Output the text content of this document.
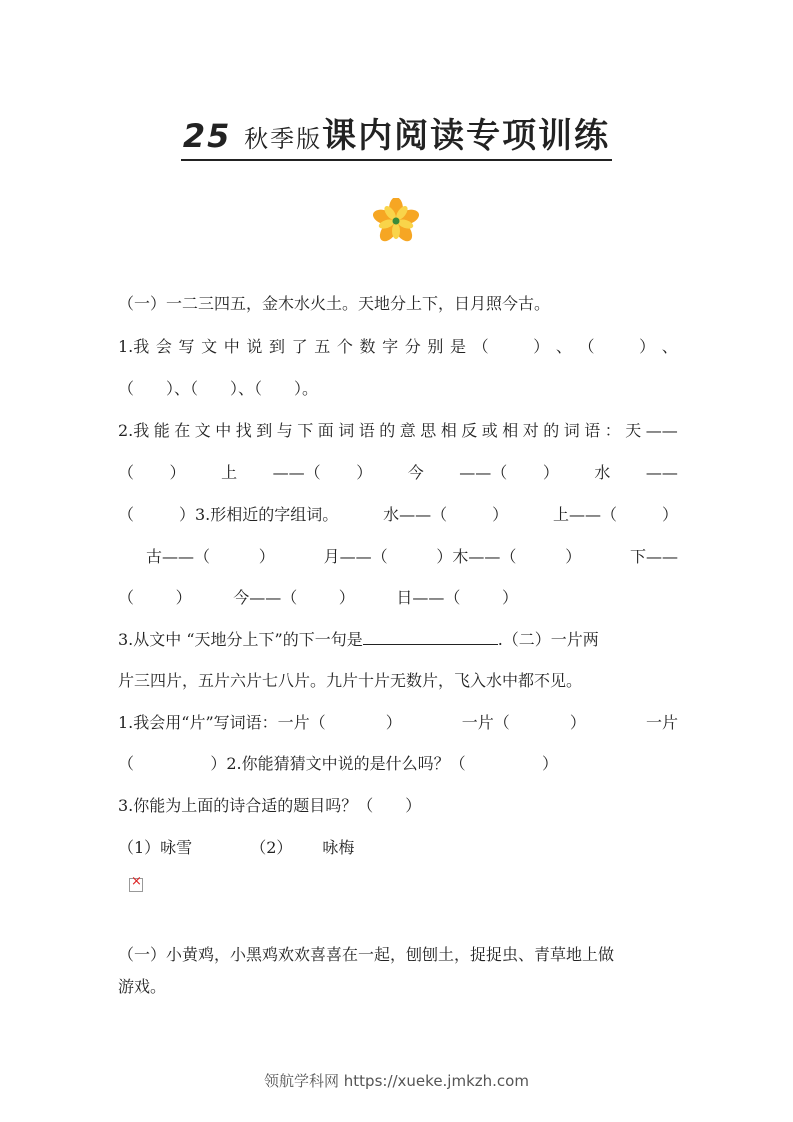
25 秋季版课内阅读专项训练
（一）一二三四五，金木水火土。天地分上下，日月照今古。
1.我 会 写 文 中 说 到 了 五 个 数 字 分 别 是 （	） 、 （	） 、
（　　）、（　　）、（　　）。
2.我 能 在 文 中 找 到 与 下 面 词 语 的 意 思 相 反 或 相 对 的 词 语 ： 天 ——
（ ） 上 ——（ ） 今 ——（ ） 水 ——
（	）3.形相近的字组词。	水——（	）	上——（	）
古——（	）	月——（	）木——（	）	下——
（	）	今——（	）	日——（	）
3.从文中 “天地分上下”的下一句是	.（二）一片两
片三四片，五片六片七八片。九片十片无数片，飞入水中都不见。
1.我会用“片”写词语：一片（	）	一片（	）	一片
（	）2.你能猜猜文中说的是什么吗？（	）
3.你能为上面的诗合适的题目吗？（　　）
（1）咏雪	（2） 咏梅
×
（一）小黄鸡，小黑鸡欢欢喜喜在一起，刨刨土，捉捉虫、青草地上做
游戏。
领航学科网 https://xueke.jmkzh.com
